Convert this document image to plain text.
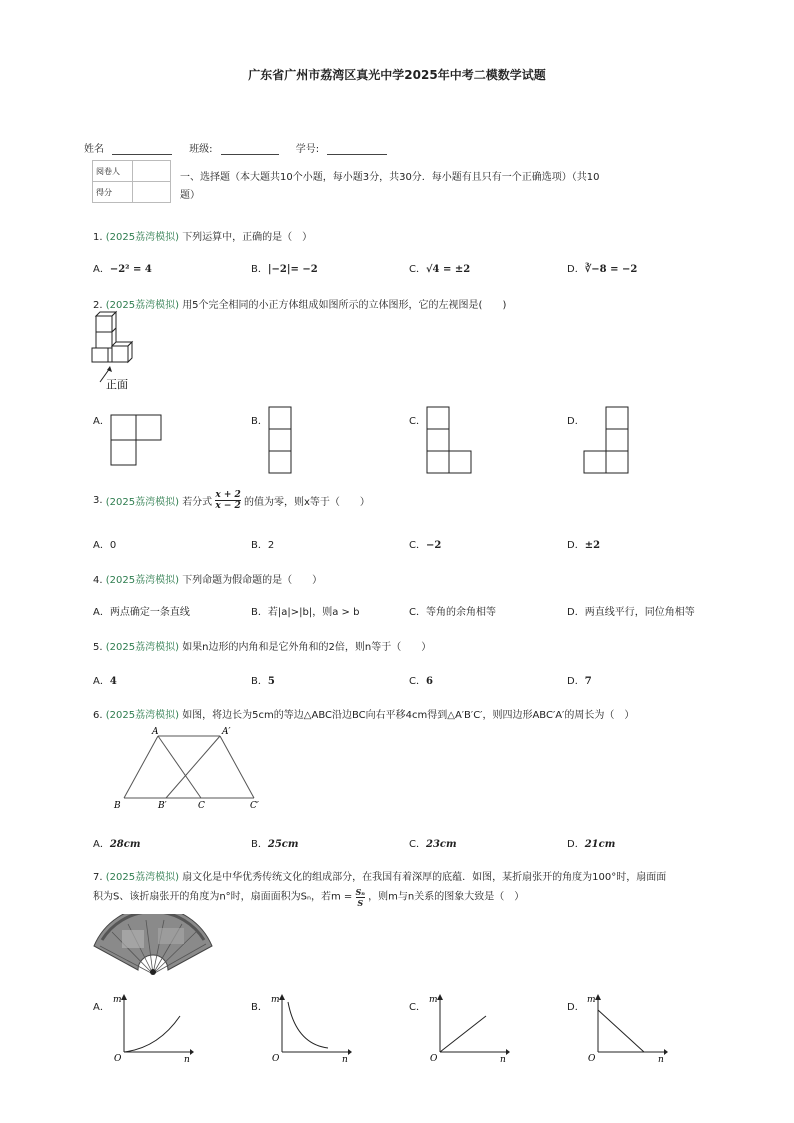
广东省广州市荔湾区真光中学2025年中考二模数学试题
姓名	班级:	学号:
阅卷人	
得分	
一、选择题（本大题共10个小题，每小题3分，共30分．每小题有且只有一个正确选项）（共10
题）
1. (2025荔湾模拟) 下列运算中，正确的是（　）
A．−2² = 4	B．|−2|= −2	C．√4 = ±2	D．∛−8 = −2
2. (2025荔湾模拟) 用5个完全相同的小正方体组成如图所示的立体图形，它的左视图是(　　)
正面
A．	B．	C．	D．
3. (2025荔湾模拟) 若分式 $\frac{x + 2}{x - 2}$ 的值为零，则x等于（　　）
A．0	B．2	C．−2	D．±2
4. (2025荔湾模拟) 下列命题为假命题的是（　　）
A．两点确定一条直线	B．若|a|>|b|，则a > b	C．等角的余角相等	D．两直线平行，同位角相等
5. (2025荔湾模拟) 如果n边形的内角和是它外角和的2倍，则n等于（　　）
A．4	B．5	C．6	D．7
6. (2025荔湾模拟) 如图，将边长为5cm的等边△ABC沿边BC向右平移4cm得到△A′B′C′，则四边形ABC′A′的周长为（　）
A	A′
B	B′	C	C′
A．28cm	B．25cm	C．23cm	D．21cm
7. (2025荔湾模拟) 扇文化是中华优秀传统文化的组成部分，在我国有着深厚的底蕴．如图，某折扇张开的角度为100°时，扇面面
积为S、该折扇张开的角度为n°时，扇面面积为Sₙ，若$m = \frac{\text{Sₙ}}{S}$ ，则m与n关系的图象大致是（　）
A．	B．	C．	D．
m
n
O
m
n
O
m
n
O
m
n
O
